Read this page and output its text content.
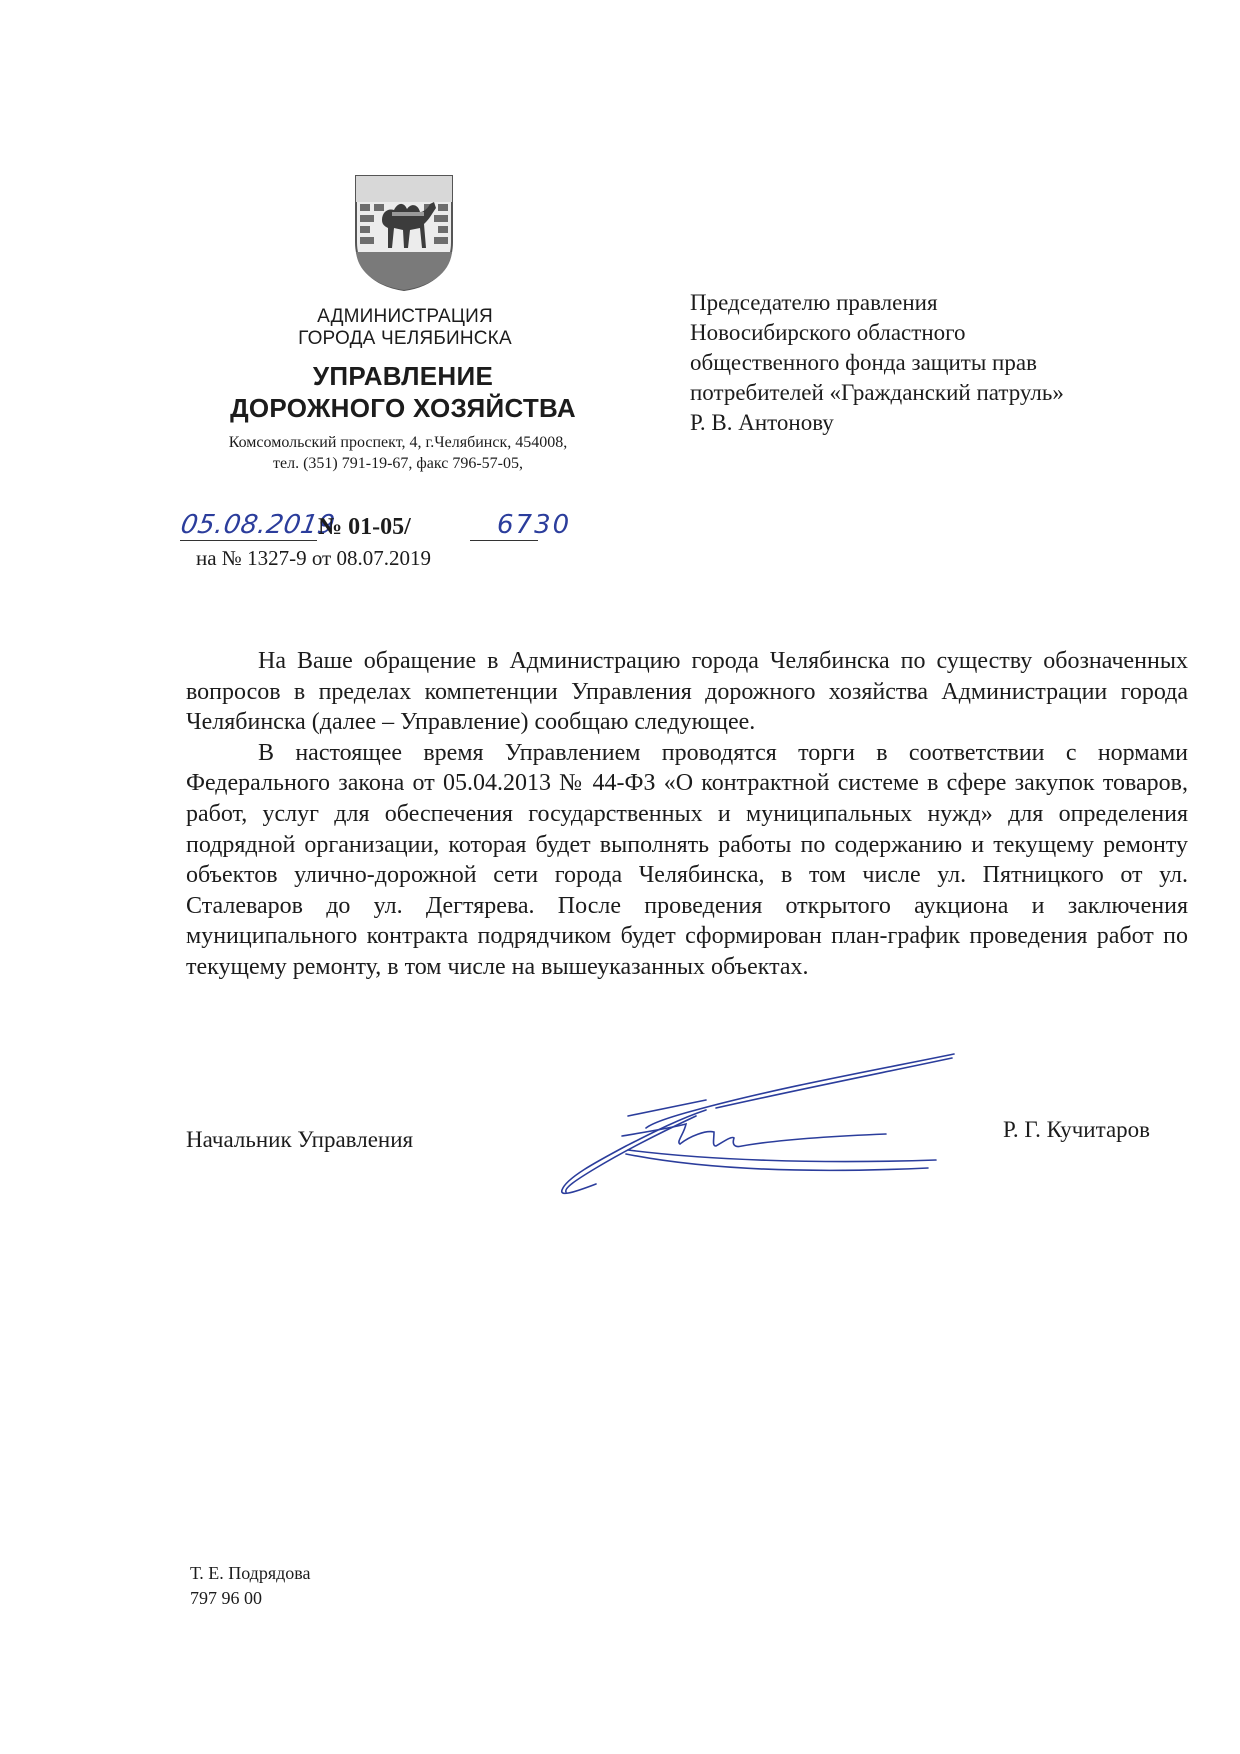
АДМИНИСТРАЦИЯ
ГОРОДА ЧЕЛЯБИНСКА
УПРАВЛЕНИЕ
ДОРОЖНОГО ХОЗЯЙСТВА
Комсомольский проспект, 4, г.Челябинск, 454008,
тел. (351) 791-19-67, факс 796-57-05,
05.08.2019
№ 01-05/	6730
на № 1327-9 от 08.07.2019
Председателю правления
Новосибирского областного
общественного фонда защиты прав
потребителей «Гражданский патруль»
Р. В. Антонову

На Ваше обращение в Администрацию города Челябинска по существу обозначенных вопросов в пределах компетенции Управления дорожного хозяйства Администрации города Челябинска (далее – Управление) сообщаю следующее.

В настоящее время Управлением проводятся торги в соответствии с нормами Федерального закона от 05.04.2013 № 44-ФЗ «О контрактной системе в сфере закупок товаров, работ, услуг для обеспечения государственных и муниципальных нужд» для определения подрядной организации, которая будет выполнять работы по содержанию и текущему ремонту объектов улично-дорожной сети города Челябинска, в том числе ул. Пятницкого от ул. Сталеваров до ул. Дегтярева. После проведения открытого аукциона и заключения муниципального контракта подрядчиком будет сформирован план-график проведения работ по текущему ремонту, в том числе на вышеуказанных объектах.

Начальник Управления	Р. Г. Кучитаров
Т. Е. Подрядова
797 96 00
